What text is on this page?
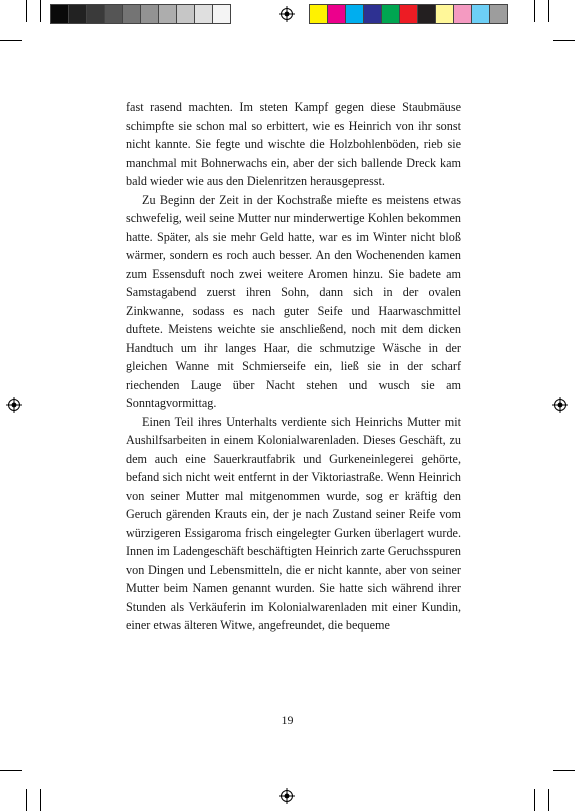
fast rasend machten. Im steten Kampf gegen diese Staubmäuse schimpfte sie schon mal so erbittert, wie es Heinrich von ihr sonst nicht kannte. Sie fegte und wischte die Holzbohlenböden, rieb sie manchmal mit Bohnerwachs ein, aber der sich ballende Dreck kam bald wieder wie aus den Dielenritzen herausgepresst.

Zu Beginn der Zeit in der Kochstraße miefte es meistens etwas schwefelig, weil seine Mutter nur minderwertige Kohlen bekommen hatte. Später, als sie mehr Geld hatte, war es im Winter nicht bloß wärmer, sondern es roch auch besser. An den Wochenenden kamen zum Essensduft noch zwei weitere Aromen hinzu. Sie badete am Samstagabend zuerst ihren Sohn, dann sich in der ovalen Zinkwanne, sodass es nach guter Seife und Haarwaschmittel duftete. Meistens weichte sie anschließend, noch mit dem dicken Handtuch um ihr langes Haar, die schmutzige Wäsche in der gleichen Wanne mit Schmierseife ein, ließ sie in der scharf riechenden Lauge über Nacht stehen und wusch sie am Sonntagvormittag.

Einen Teil ihres Unterhalts verdiente sich Heinrichs Mutter mit Aushilfsarbeiten in einem Kolonialwarenladen. Dieses Geschäft, zu dem auch eine Sauerkrautfabrik und Gurkeneinlegerei gehörte, befand sich nicht weit entfernt in der Viktoriastraße. Wenn Heinrich von seiner Mutter mal mitgenommen wurde, sog er kräftig den Geruch gärenden Krauts ein, der je nach Zustand seiner Reife vom würzigeren Essigaroma frisch eingelegter Gurken überlagert wurde. Innen im Ladengeschäft beschäftigten Heinrich zarte Geruchsspuren von Dingen und Lebensmitteln, die er nicht kannte, aber von seiner Mutter beim Namen genannt wurden. Sie hatte sich während ihrer Stunden als Verkäuferin im Kolonialwarenladen mit einer Kundin, einer etwas älteren Witwe, angefreundet, die bequeme

19
